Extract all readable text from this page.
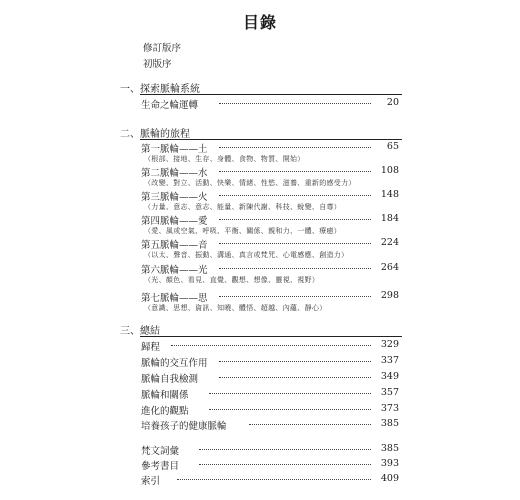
目錄
修訂版序
初版序
一、探索脈輪系統
生命之輪運轉	20
二、脈輪的旅程
第一脈輪——土	65
（根部、接地、生存、身體、食物、物質、開始）
第二脈輪——水	108
（改變、對立、活動、快樂、情緒、性慾、滋養、重新的感受力）
第三脈輪——火	148
（力量、意志、意志、能量、新陳代謝、科技、蛻變、自尊）
第四脈輪——愛	184
（愛、風或空氣、呼吸、平衡、關係、親和力、一體、療癒）
第五脈輪——音	224
（以太、聲音、振動、溝通、真言或梵咒、心電感應、創造力）
第六脈輪——光	264
（光、顏色、看見、直覺、觀想、想像、靈視、視野）
第七脈輪——思	298
（意識、思想、資訊、知曉、體悟、超越、內蘊、靜心）
三、總結
歸程	329
脈輪的交互作用	337
脈輪自我檢測	349
脈輪和關係	357
進化的觀點	373
培養孩子的健康脈輪	385
梵文詞彙	385
參考書目	393
索引	409
